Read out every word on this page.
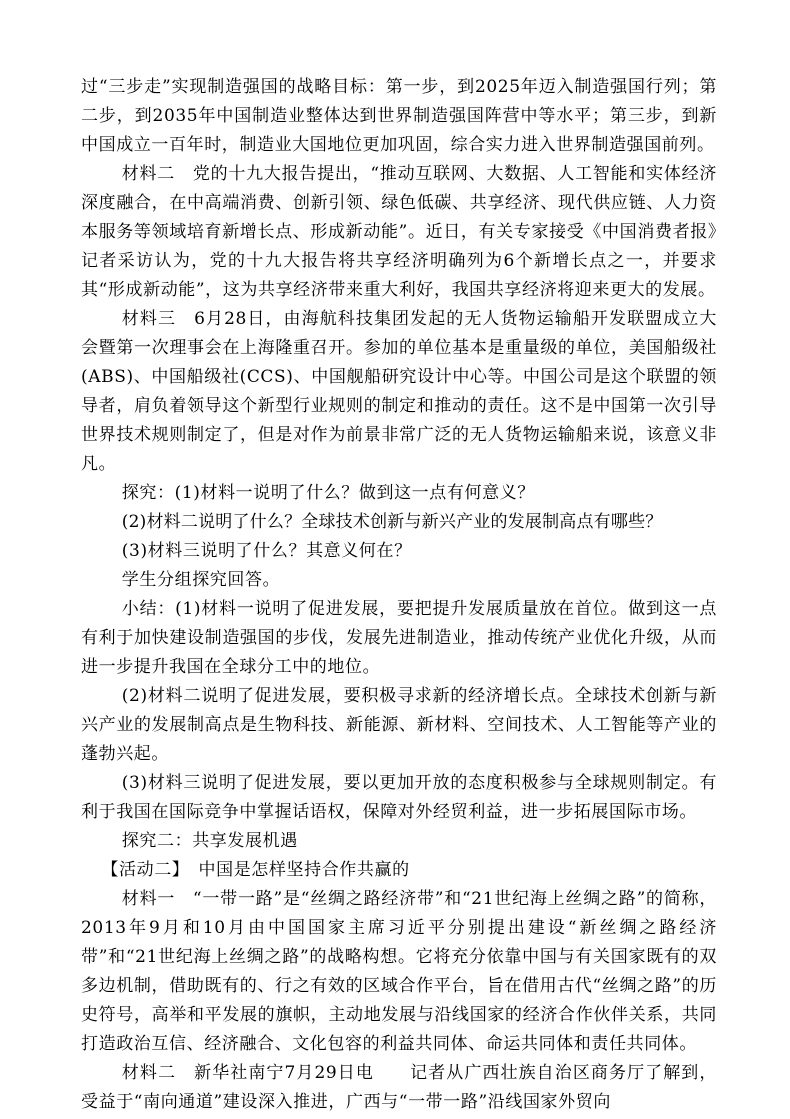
过“三步走”实现制造强国的战略目标：第一步，到2025年迈入制造强国行列；第二步，到2035年中国制造业整体达到世界制造强国阵营中等水平；第三步，到新中国成立一百年时，制造业大国地位更加巩固，综合实力进入世界制造强国前列。

材料二　党的十九大报告提出，“推动互联网、大数据、人工智能和实体经济深度融合，在中高端消费、创新引领、绿色低碳、共享经济、现代供应链、人力资本服务等领域培育新增长点、形成新动能”。近日，有关专家接受《中国消费者报》记者采访认为，党的十九大报告将共享经济明确列为6个新增长点之一，并要求其“形成新动能”，这为共享经济带来重大利好，我国共享经济将迎来更大的发展。

材料三　6月28日，由海航科技集团发起的无人货物运输船开发联盟成立大会暨第一次理事会在上海隆重召开。参加的单位基本是重量级的单位，美国船级社(ABS)、中国船级社(CCS)、中国舰船研究设计中心等。中国公司是这个联盟的领导者，肩负着领导这个新型行业规则的制定和推动的责任。这不是中国第一次引导世界技术规则制定了，但是对作为前景非常广泛的无人货物运输船来说，该意义非凡。

探究：(1)材料一说明了什么？做到这一点有何意义？

(2)材料二说明了什么？全球技术创新与新兴产业的发展制高点有哪些？

(3)材料三说明了什么？其意义何在？

学生分组探究回答。

小结：(1)材料一说明了促进发展，要把提升发展质量放在首位。做到这一点有利于加快建设制造强国的步伐，发展先进制造业，推动传统产业优化升级，从而进一步提升我国在全球分工中的地位。

(2)材料二说明了促进发展，要积极寻求新的经济增长点。全球技术创新与新兴产业的发展制高点是生物科技、新能源、新材料、空间技术、人工智能等产业的蓬勃兴起。

(3)材料三说明了促进发展，要以更加开放的态度积极参与全球规则制定。有利于我国在国际竞争中掌握话语权，保障对外经贸利益，进一步拓展国际市场。

探究二：共享发展机遇

【活动二】　中国是怎样坚持合作共赢的

材料一　“一带一路”是“丝绸之路经济带”和“21世纪海上丝绸之路”的简称，2013年9月和10月由中国国家主席习近平分别提出建设“新丝绸之路经济带”和“21世纪海上丝绸之路”的战略构想。它将充分依靠中国与有关国家既有的双多边机制，借助既有的、行之有效的区域合作平台，旨在借用古代“丝绸之路”的历史符号，高举和平发展的旗帜，主动地发展与沿线国家的经济合作伙伴关系，共同打造政治互信、经济融合、文化包容的利益共同体、命运共同体和责任共同体。

材料二　新华社南宁7月29日电　　记者从广西壮族自治区商务厅了解到，受益于“南向通道”建设深入推进，广西与“一带一路”沿线国家外贸向
